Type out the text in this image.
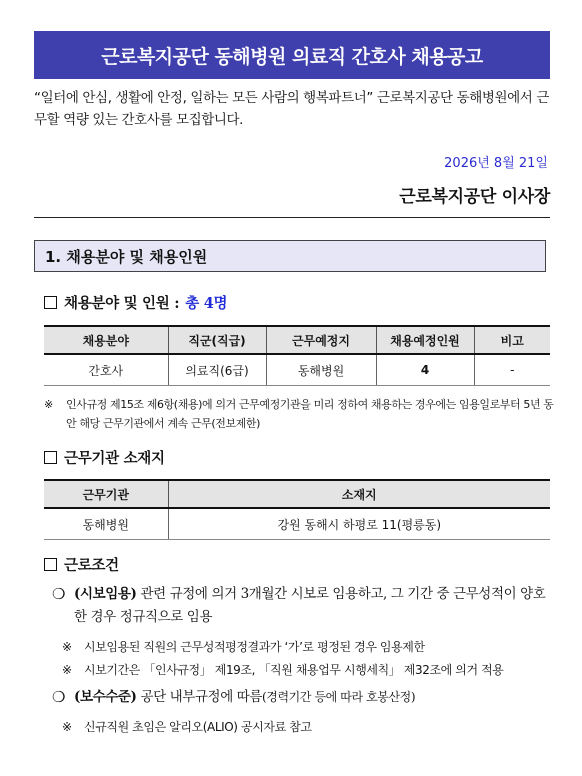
근로복지공단 동해병원 의료직 간호사 채용공고
“일터에 안심, 생활에 안정, 일하는 모든 사람의 행복파트너” 근로복지공단 동해병원에서 근무할 역량 있는 간호사를 모집합니다.
2026년 8월 21일
근로복지공단 이사장
1. 채용분야 및 채용인원
채용분야 및 인원 : 총 4명
채용분야	직군(직급)	근무예정지	채용예정인원	비고
간호사	의료직(6급)	동해병원	4	-
※	인사규정 제15조 제6항(채용)에 의거 근무예정기관을 미리 정하여 채용하는 경우에는 임용일로부터 5년 동안 해당 근무기관에서 계속 근무(전보제한)
근무기관 소재지
근무기관	소재지
동해병원	강원 동해시 하평로 11(평릉동)
근로조건
❍ (시보임용) 관련 규정에 의거 3개월간 시보로 임용하고, 그 기간 중 근무성적이 양호한 경우 정규직으로 임용
※	시보임용된 직원의 근무성적평정결과가 ‘가’로 평정된 경우 임용제한
※	시보기간은 「인사규정」 제19조, 「직원 채용업무 시행세칙」 제32조에 의거 적용
❍ (보수수준) 공단 내부규정에 따름(경력기간 등에 따라 호봉산정)
※	신규직원 초임은 알리오(ALIO) 공시자료 참고
